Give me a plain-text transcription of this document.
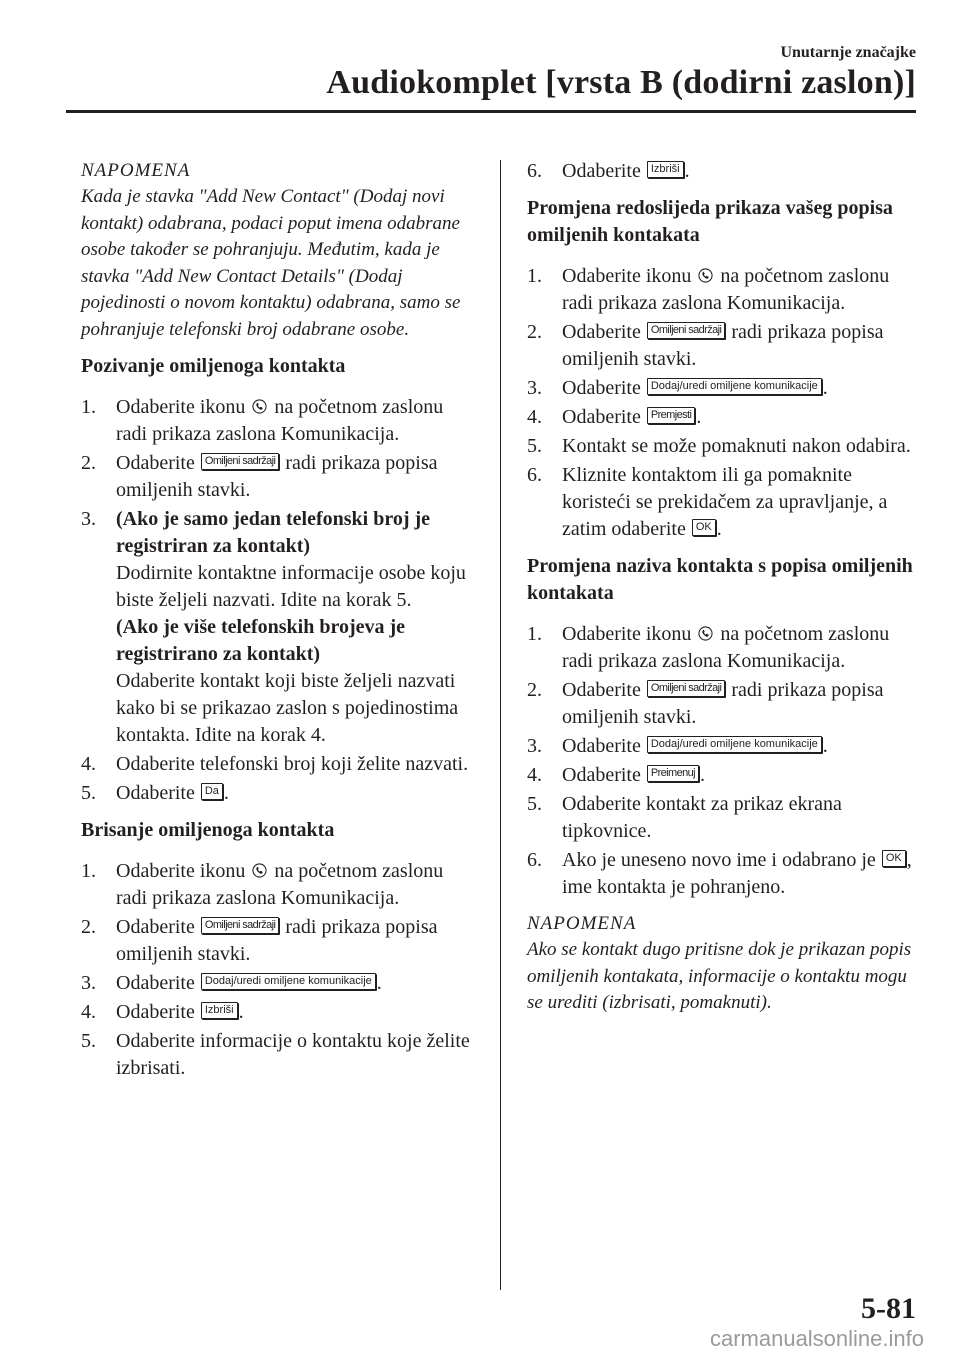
Unutarnje značajke
Audiokomplet [vrsta B (dodirni zaslon)]

NAPOMENA

Kada je stavka "Add New Contact" (Dodaj novi kontakt) odabrana, podaci poput imena odabrane osobe također se pohranjuju. Međutim, kada je stavka "Add New Contact Details" (Dodaj pojedinosti o novom kontaktu) odabrana, samo se pohranjuje telefonski broj odabrane osobe.

Pozivanje omiljenoga kontakta
1. Odaberite ikonu na početnom zaslonu radi prikaza zaslona Komunikacija.
2. Odaberite Omiljeni sadržaji radi prikaza popisa omiljenih stavki.
3. (Ako je samo jedan telefonski broj je registriran za kontakt)

Dodirnite kontaktne informacije osobe koju biste željeli nazvati. Idite na korak 5.

(Ako je više telefonskih brojeva je registrirano za kontakt)

Odaberite kontakt koji biste željeli nazvati kako bi se prikazao zaslon s pojedinostima kontakta. Idite na korak 4.

4. Odaberite telefonski broj koji želite nazvati.
5. Odaberite Da .
Brisanje omiljenoga kontakta
1. Odaberite ikonu na početnom zaslonu radi prikaza zaslona Komunikacija.
2. Odaberite Omiljeni sadržaji radi prikaza popisa omiljenih stavki.
3. Odaberite Dodaj/uredi omiljene komunikacije .
4. Odaberite Izbriši .
5. Odaberite informacije o kontaktu koje želite izbrisati.
6. Odaberite Izbriši .
Promjena redoslijeda prikaza vašeg popisa omiljenih kontakata
1. Odaberite ikonu na početnom zaslonu radi prikaza zaslona Komunikacija.
2. Odaberite Omiljeni sadržaji radi prikaza popisa omiljenih stavki.
3. Odaberite Dodaj/uredi omiljene komunikacije .
4. Odaberite Premjesti .
5. Kontakt se može pomaknuti nakon odabira.
6. Kliznite kontaktom ili ga pomaknite koristeći se prekidačem za upravljanje, a zatim odaberite OK .
Promjena naziva kontakta s popisa omiljenih kontakata
1. Odaberite ikonu na početnom zaslonu radi prikaza zaslona Komunikacija.
2. Odaberite Omiljeni sadržaji radi prikaza popisa omiljenih stavki.
3. Odaberite Dodaj/uredi omiljene komunikacije .
4. Odaberite Preimenuj .
5. Odaberite kontakt za prikaz ekrana tipkovnice.
6. Ako je uneseno novo ime i odabrano je OK , ime kontakta je pohranjeno.

NAPOMENA

Ako se kontakt dugo pritisne dok je prikazan popis omiljenih kontakata, informacije o kontaktu mogu se urediti (izbrisati, pomaknuti).

5-81
carmanualsonline.info
